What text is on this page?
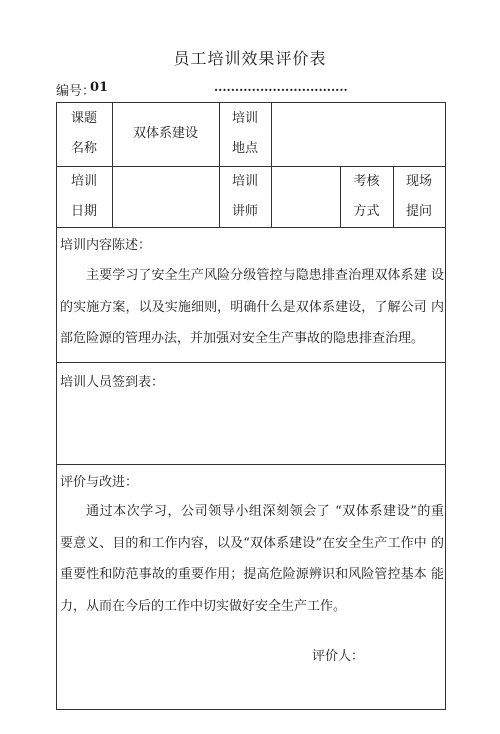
员工培训效果评价表
编号：
01	................................
课题
名称
双体系建设
培训
地点
培训
日期
培训
讲师
考核
方式
现场
提问
培训内容陈述：

主要学习了安全生产风险分级管控与隐患排查治理双体系建 设的实施方案，以及实施细则，明确什么是双体系建设，了解公司 内部危险源的管理办法，并加强对安全生产事故的隐患排查治理。

培训人员签到表：
评价与改进：

通过本次学习，公司领导小组深刻领会了 “双体系建设”的重 要意义、目的和工作内容，以及“双体系建设”在安全生产工作中 的重要性和防范事故的重要作用；提高危险源辨识和风险管控基本 能力，从而在今后的工作中切实做好安全生产工作。

评价人：
